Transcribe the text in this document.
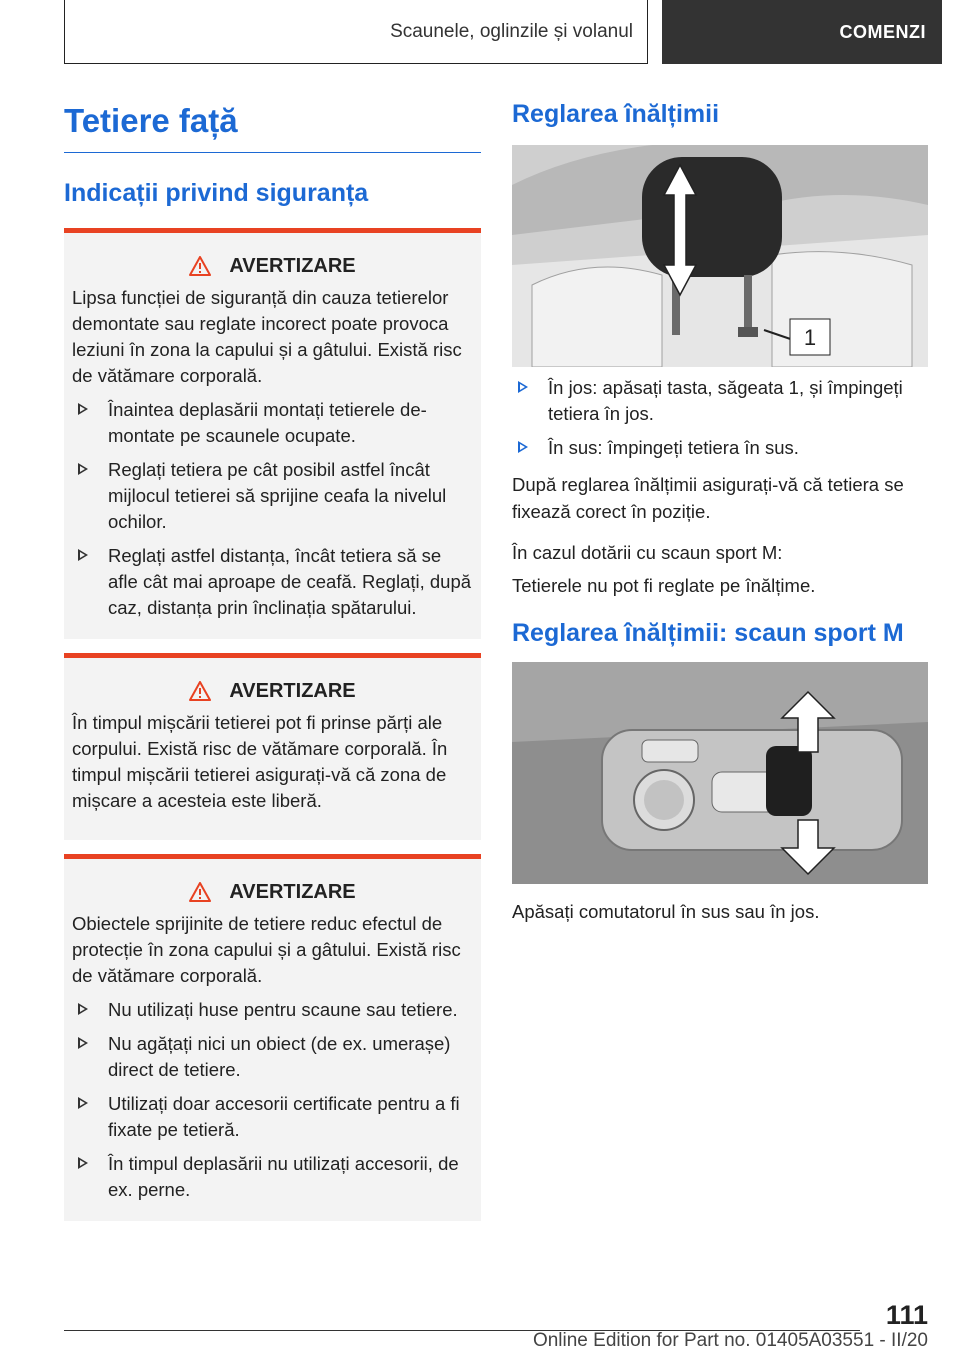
Scaunele, oglinzile și volanul	COMENZI
Tetiere față
Indicații privind siguranța
AVERTIZARE
Lipsa funcției de siguranță din cauza tetierelor demontate sau reglate incorect poate provoca leziuni în zona la capului și a gâtului. Există risc de vătămare corporală.
Înaintea deplasării montați tetierele demontate pe scaunele ocupate.
Reglați tetiera pe cât posibil astfel încât mijlocul tetierei să sprijine ceafa la nivelul ochilor.
Reglați astfel distanța, încât tetiera să se afle cât mai aproape de ceafă. Reglați, după caz, distanța prin înclinația spătarului.
AVERTIZARE
În timpul mișcării tetierei pot fi prinse părți ale corpului. Există risc de vătămare corporală. În timpul mișcării tetierei asigurați-vă că zona de mișcare a acesteia este liberă.
AVERTIZARE
Obiectele sprijinite de tetiere reduc efectul de protecție în zona capului și a gâtului. Există risc de vătămare corporală.
Nu utilizați huse pentru scaune sau tetiere.
Nu agățați nici un obiect (de ex. umerașe) direct de tetiere.
Utilizați doar accesorii certificate pentru a fi fixate pe tetieră.
În timpul deplasării nu utilizați accesorii, de ex. perne.
Reglarea înălțimii
1
În jos: apăsați tasta, săgeata 1, și împingeți tetiera în jos.
În sus: împingeți tetiera în sus.

După reglarea înălțimii asigurați-vă că tetiera se fixează corect în poziție.

În cazul dotării cu scaun sport M:

Tetierele nu pot fi reglate pe înălțime.

Reglarea înălțimii: scaun sport M

Apăsați comutatorul în sus sau în jos.

111
Online Edition for Part no. 01405A03551 - II/20
